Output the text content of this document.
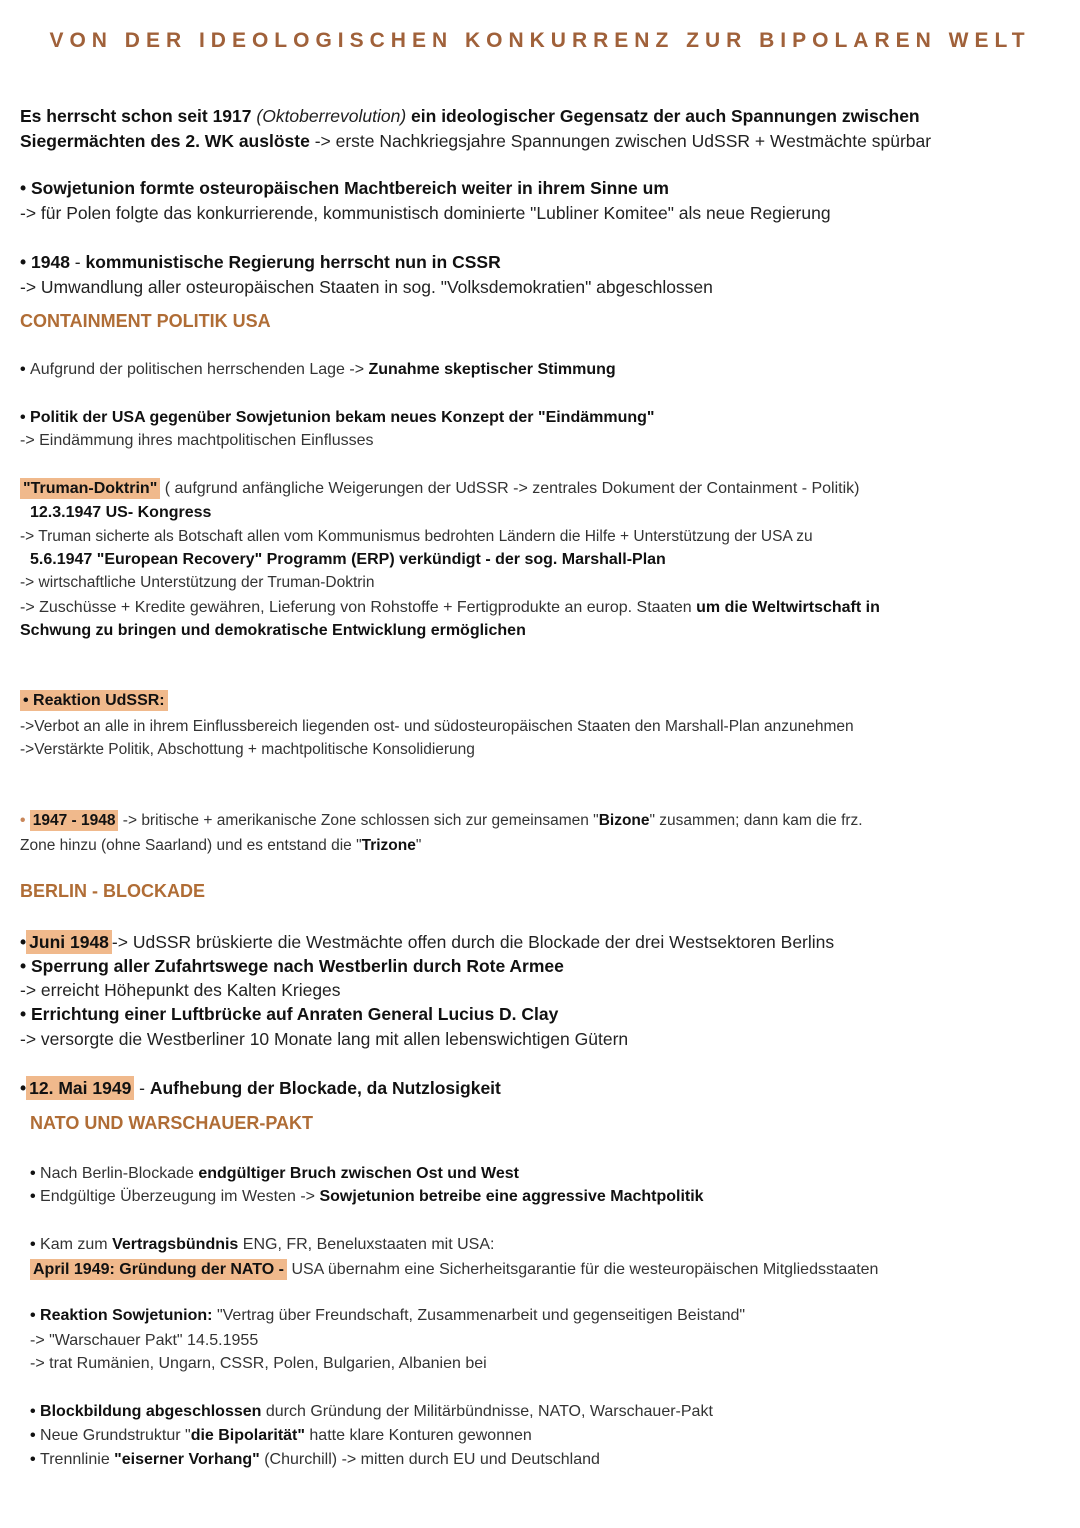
VON DER IDEOLOGISCHEN KONKURRENZ ZUR BIPOLAREN WELT

Es herrscht schon seit 1917 (Oktoberrevolution) ein ideologischer Gegensatz der auch Spannungen zwischen

Siegermächten des 2. WK auslöste -> erste Nachkriegsjahre Spannungen zwischen UdSSR + Westmächte spürbar

• Sowjetunion formte osteuropäischen Machtbereich weiter in ihrem Sinne um

-> für Polen folgte das konkurrierende, kommunistisch dominierte "Lubliner Komitee" als neue Regierung

• 1948 - kommunistische Regierung herrscht nun in CSSR

-> Umwandlung aller osteuropäischen Staaten in sog. "Volksdemokratien" abgeschlossen

CONTAINMENT POLITIK USA

• Aufgrund der politischen herrschenden Lage -> Zunahme skeptischer Stimmung

• Politik der USA gegenüber Sowjetunion bekam neues Konzept der "Eindämmung"

-> Eindämmung ihres machtpolitischen Einflusses

"Truman-Doktrin" ( aufgrund anfängliche Weigerungen der UdSSR -> zentrales Dokument der Containment - Politik)

12.3.1947 US- Kongress

-> Truman sicherte als Botschaft allen vom Kommunismus bedrohten Ländern die Hilfe + Unterstützung der USA zu

5.6.1947 "European Recovery" Programm (ERP) verkündigt - der sog. Marshall-Plan

-> wirtschaftliche Unterstützung der Truman-Doktrin

-> Zuschüsse + Kredite gewähren, Lieferung von Rohstoffe + Fertigprodukte an europ. Staaten um die Weltwirtschaft in

Schwung zu bringen und demokratische Entwicklung ermöglichen

• Reaktion UdSSR:

->Verbot an alle in ihrem Einflussbereich liegenden ost- und südosteuropäischen Staaten den Marshall-Plan anzunehmen

->Verstärkte Politik, Abschottung + machtpolitische Konsolidierung

• 1947 - 1948 -> britische + amerikanische Zone schlossen sich zur gemeinsamen "Bizone" zusammen; dann kam die frz.

Zone hinzu (ohne Saarland) und es entstand die "Trizone"

BERLIN - BLOCKADE

• Juni 1948 -> UdSSR brüskierte die Westmächte offen durch die Blockade der drei Westsektoren Berlins

• Sperrung aller Zufahrtswege nach Westberlin durch Rote Armee

-> erreicht Höhepunkt des Kalten Krieges

• Errichtung einer Luftbrücke auf Anraten General Lucius D. Clay

-> versorgte die Westberliner 10 Monate lang mit allen lebenswichtigen Gütern

• 12. Mai 1949 - Aufhebung der Blockade, da Nutzlosigkeit

NATO UND WARSCHAUER-PAKT

• Nach Berlin-Blockade endgültiger Bruch zwischen Ost und West

• Endgültige Überzeugung im Westen -> Sowjetunion betreibe eine aggressive Machtpolitik

• Kam zum Vertragsbündnis ENG, FR, Beneluxstaaten mit USA:

April 1949: Gründung der NATO - USA übernahm eine Sicherheitsgarantie für die westeuropäischen Mitgliedsstaaten

• Reaktion Sowjetunion: "Vertrag über Freundschaft, Zusammenarbeit und gegenseitigen Beistand"

-> "Warschauer Pakt" 14.5.1955

-> trat Rumänien, Ungarn, CSSR, Polen, Bulgarien, Albanien bei

• Blockbildung abgeschlossen durch Gründung der Militärbündnisse, NATO, Warschauer-Pakt

• Neue Grundstruktur "die Bipolarität" hatte klare Konturen gewonnen

• Trennlinie "eiserner Vorhang" (Churchill) -> mitten durch EU und Deutschland
